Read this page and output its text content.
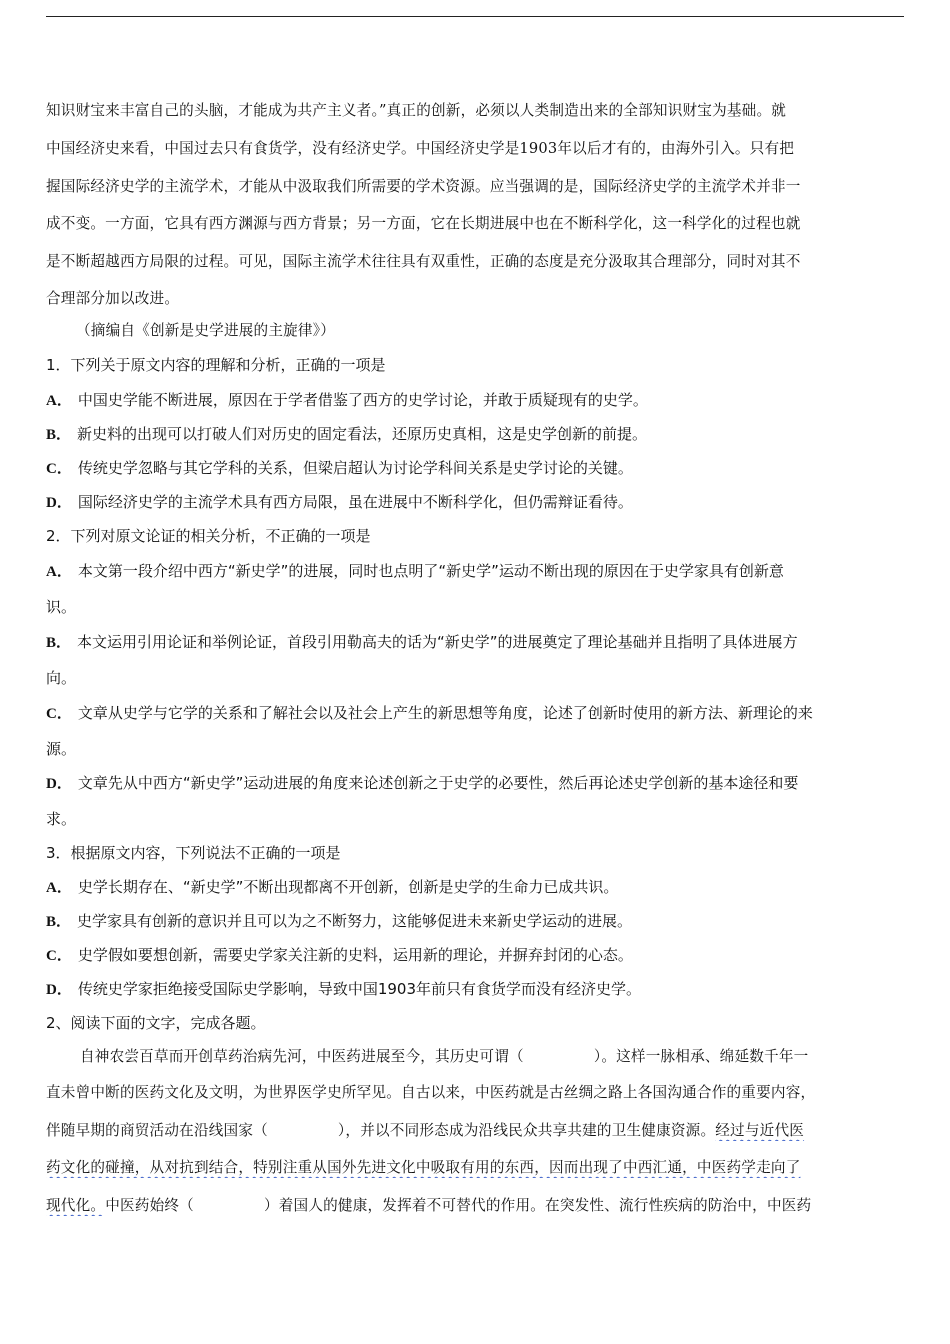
知识财宝来丰富自己的头脑，才能成为共产主义者。”真正的创新，必须以人类制造出来的全部知识财宝为基础。就
中国经济史来看，中国过去只有食货学，没有经济史学。中国经济史学是1903年以后才有的，由海外引入。只有把
握国际经济史学的主流学术，才能从中汲取我们所需要的学术资源。应当强调的是，国际经济史学的主流学术并非一
成不变。一方面，它具有西方渊源与西方背景；另一方面，它在长期进展中也在不断科学化，这一科学化的过程也就
是不断超越西方局限的过程。可见，国际主流学术往往具有双重性，正确的态度是充分汲取其合理部分，同时对其不
合理部分加以改进。
（摘编自《创新是史学进展的主旋律》）
1．下列关于原文内容的理解和分析，正确的一项是
A． 中国史学能不断进展，原因在于学者借鉴了西方的史学讨论，并敢于质疑现有的史学。
B． 新史料的出现可以打破人们对历史的固定看法，还原历史真相，这是史学创新的前提。
C． 传统史学忽略与其它学科的关系，但梁启超认为讨论学科间关系是史学讨论的关键。
D． 国际经济史学的主流学术具有西方局限，虽在进展中不断科学化，但仍需辩证看待。
2．下列对原文论证的相关分析，不正确的一项是
A． 本文第一段介绍中西方“新史学”的进展，同时也点明了“新史学”运动不断出现的原因在于史学家具有创新意
识。
B． 本文运用引用论证和举例论证，首段引用勒高夫的话为“新史学”的进展奠定了理论基础并且指明了具体进展方
向。
C． 文章从史学与它学的关系和了解社会以及社会上产生的新思想等角度，论述了创新时使用的新方法、新理论的来
源。
D． 文章先从中西方“新史学”运动进展的角度来论述创新之于史学的必要性，然后再论述史学创新的基本途径和要
求。
3．根据原文内容，下列说法不正确的一项是
A． 史学长期存在、“新史学”不断出现都离不开创新，创新是史学的生命力已成共识。
B． 史学家具有创新的意识并且可以为之不断努力，这能够促进未来新史学运动的进展。
C． 史学假如要想创新，需要史学家关注新的史料，运用新的理论，并摒弃封闭的心态。
D． 传统史学家拒绝接受国际史学影响，导致中国1903年前只有食货学而没有经济史学。
2、阅读下面的文字，完成各题。
自神农尝百草而开创草药治病先河，中医药进展至今，其历史可谓（	）。这样一脉相承、绵延数千年一
直未曾中断的医药文化及文明，为世界医学史所罕见。自古以来，中医药就是古丝绸之路上各国沟通合作的重要内容，
伴随早期的商贸活动在沿线国家（	），并以不同形态成为沿线民众共享共建的卫生健康资源。经过与近代医
药文化的碰撞，从对抗到结合，特别注重从国外先进文化中吸取有用的东西，因而出现了中西汇通，中医药学走向了
现代化。中医药始终（	）着国人的健康，发挥着不可替代的作用。在突发性、流行性疾病的防治中，中医药
